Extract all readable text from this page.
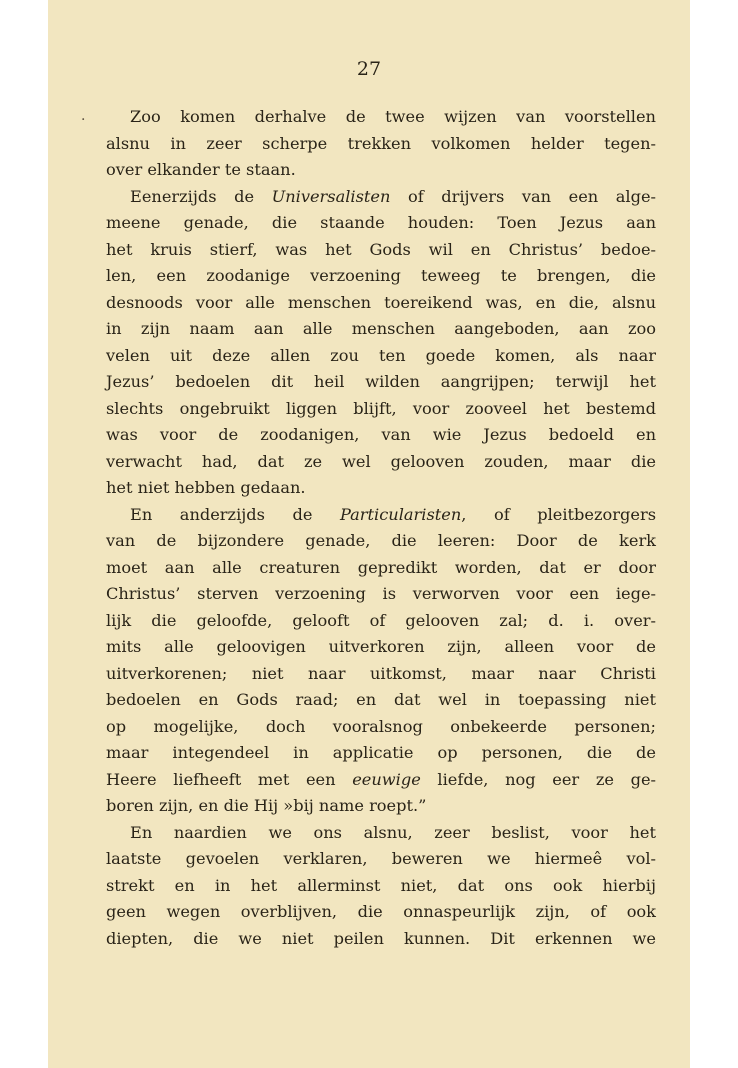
27
·	Zoo komen derhalve de twee wijzen van voorstellen
alsnu in zeer scherpe trekken volkomen helder tegen-
over elkander te staan.
Eenerzijds de Universalisten of drijvers van een alge-
meene genade, die staande houden: Toen Jezus aan
het kruis stierf, was het Gods wil en Christus’ bedoe-
len, een zoodanige verzoening teweeg te brengen, die
desnoods voor alle menschen toereikend was, en die, alsnu
in zijn naam aan alle menschen aangeboden, aan zoo
velen uit deze allen zou ten goede komen, als naar
Jezus’ bedoelen dit heil wilden aangrijpen; terwijl het
slechts ongebruikt liggen blijft, voor zooveel het bestemd
was voor de zoodanigen, van wie Jezus bedoeld en
verwacht had, dat ze wel gelooven zouden, maar die
het niet hebben gedaan.
En anderzijds de Particularisten, of pleitbezorgers
van de bijzondere genade, die leeren: Door de kerk
moet aan alle creaturen gepredikt worden, dat er door
Christus’ sterven verzoening is verworven voor een iege-
lijk die geloofde, gelooft of gelooven zal; d. i. over-
mits alle geloovigen uitverkoren zijn, alleen voor de
uitverkorenen; niet naar uitkomst, maar naar Christi
bedoelen en Gods raad; en dat wel in toepassing niet
op mogelijke, doch vooralsnog onbekeerde personen;
maar integendeel in applicatie op personen, die de
Heere liefheeft met een eeuwige liefde, nog eer ze ge-
boren zijn, en die Hij »bij name roept.”
En naardien we ons alsnu, zeer beslist, voor het
laatste gevoelen verklaren, beweren we hiermeê vol-
strekt en in het allerminst niet, dat ons ook hierbij
geen wegen overblijven, die onnaspeurlijk zijn, of ook
diepten, die we niet peilen kunnen. Dit erkennen we
